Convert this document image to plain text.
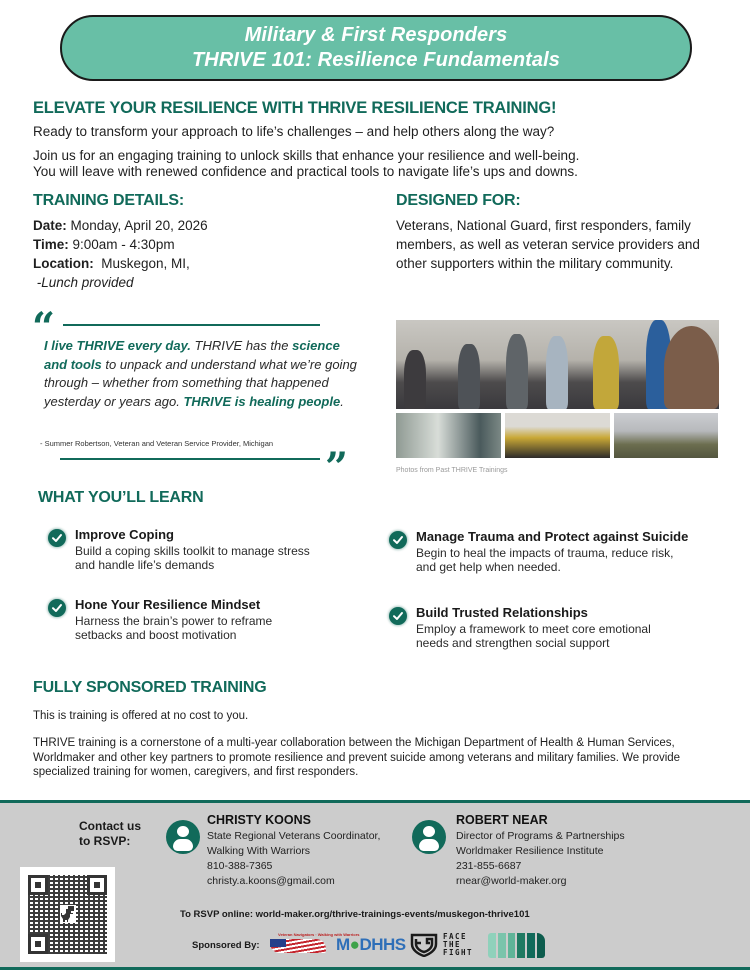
Military & First Responders
THRIVE 101: Resilience Fundamentals
ELEVATE YOUR RESILIENCE WITH THRIVE RESILIENCE TRAINING!
Ready to transform your approach to life’s challenges – and help others along the way?
Join us for an engaging training to unlock skills that enhance your resilience and well-being.
You will leave with renewed confidence and practical tools to navigate life’s ups and downs.
TRAINING DETAILS:
Date: Monday, April 20, 2026
Time: 9:00am - 4:30pm
Location:  Muskegon, MI,
-Lunch provided
DESIGNED FOR:
Veterans, National Guard, first responders, family members, as well as veteran service providers and other supporters within the military community.
“
I live THRIVE every day. THRIVE has the science and tools to unpack and understand what we’re going through – whether from something that happened yesterday or years ago. THRIVE is healing people.
- Summer Robertson, Veteran and Veteran Service Provider, Michigan
”	Photos from Past THRIVE Trainings
WHAT YOU’LL LEARN
Improve Coping
Build a coping skills toolkit to manage stress and handle life’s demands
Hone Your Resilience Mindset
Harness the brain’s power to reframe setbacks and boost motivation
Manage Trauma and Protect against Suicide
Begin to heal the impacts of trauma, reduce risk, and get help when needed.
Build Trusted Relationships
Employ a framework to meet core emotional needs and strengthen social support
FULLY SPONSORED TRAINING
This is training is offered at no cost to you.
THRIVE training is a cornerstone of a multi-year collaboration between the Michigan Department of Health & Human Services, Worldmaker and other key partners to promote resilience and prevent suicide among veterans and military families. We provide specialized training for women, caregivers, and first responders.
Contact us
to RSVP:
CHRISTY KOONS
State Regional Veterans Coordinator,
Walking With Warriors
810-388-7365
christy.a.koons@gmail.com
ROBERT NEAR
Director of Programs & Partnerships
Worldmaker Resilience Institute
231-855-6687
rnear@world-maker.org
To RSVP online: world-maker.org/thrive-trainings-events/muskegon-thrive101
Sponsored By:
Veteran Navigators · Walking with Warriors
M●DHHS	FACE
THE
FIGHT
